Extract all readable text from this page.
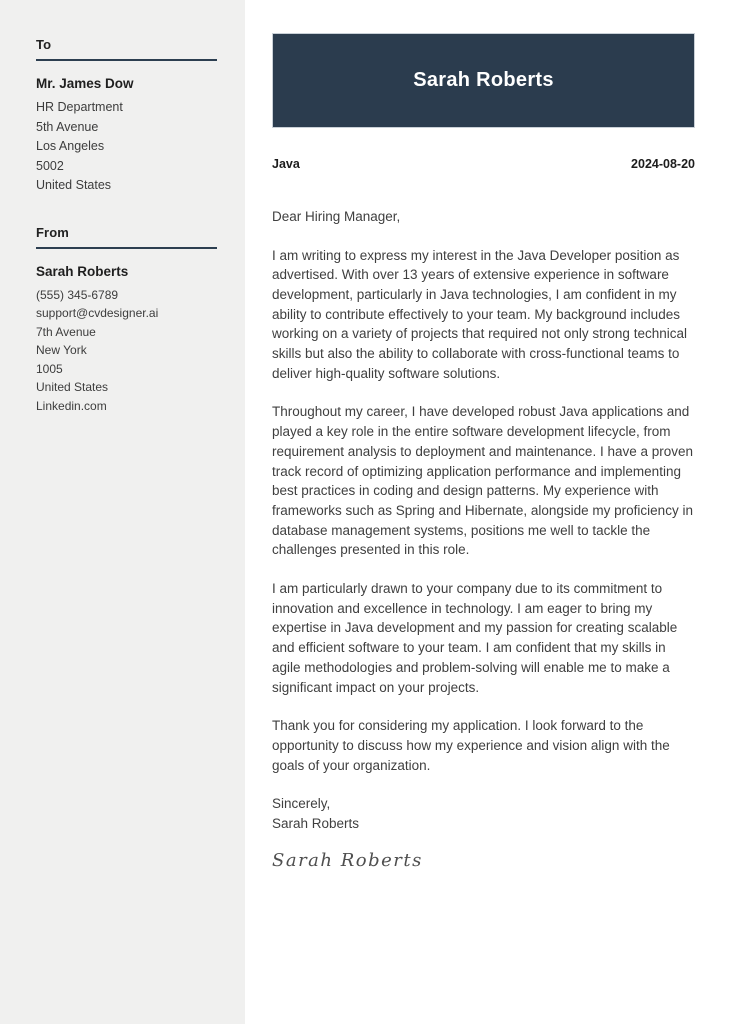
To
Mr. James Dow
HR Department
5th Avenue
Los Angeles
5002
United States
From
Sarah Roberts
(555) 345-6789
support@cvdesigner.ai
7th Avenue
New York
1005
United States
Linkedin.com
Sarah Roberts
Java	2024-08-20
Dear Hiring Manager,

I am writing to express my interest in the Java Developer position as advertised. With over 13 years of extensive experience in software development, particularly in Java technologies, I am confident in my ability to contribute effectively to your team. My background includes working on a variety of projects that required not only strong technical skills but also the ability to collaborate with cross-functional teams to deliver high-quality software solutions.

Throughout my career, I have developed robust Java applications and played a key role in the entire software development lifecycle, from requirement analysis to deployment and maintenance. I have a proven track record of optimizing application performance and implementing best practices in coding and design patterns. My experience with frameworks such as Spring and Hibernate, alongside my proficiency in database management systems, positions me well to tackle the challenges presented in this role.

I am particularly drawn to your company due to its commitment to innovation and excellence in technology. I am eager to bring my expertise in Java development and my passion for creating scalable and efficient software to your team. I am confident that my skills in agile methodologies and problem-solving will enable me to make a significant impact on your projects.

Thank you for considering my application. I look forward to the opportunity to discuss how my experience and vision align with the goals of your organization.

Sincerely,
Sarah Roberts
Sarah Roberts
